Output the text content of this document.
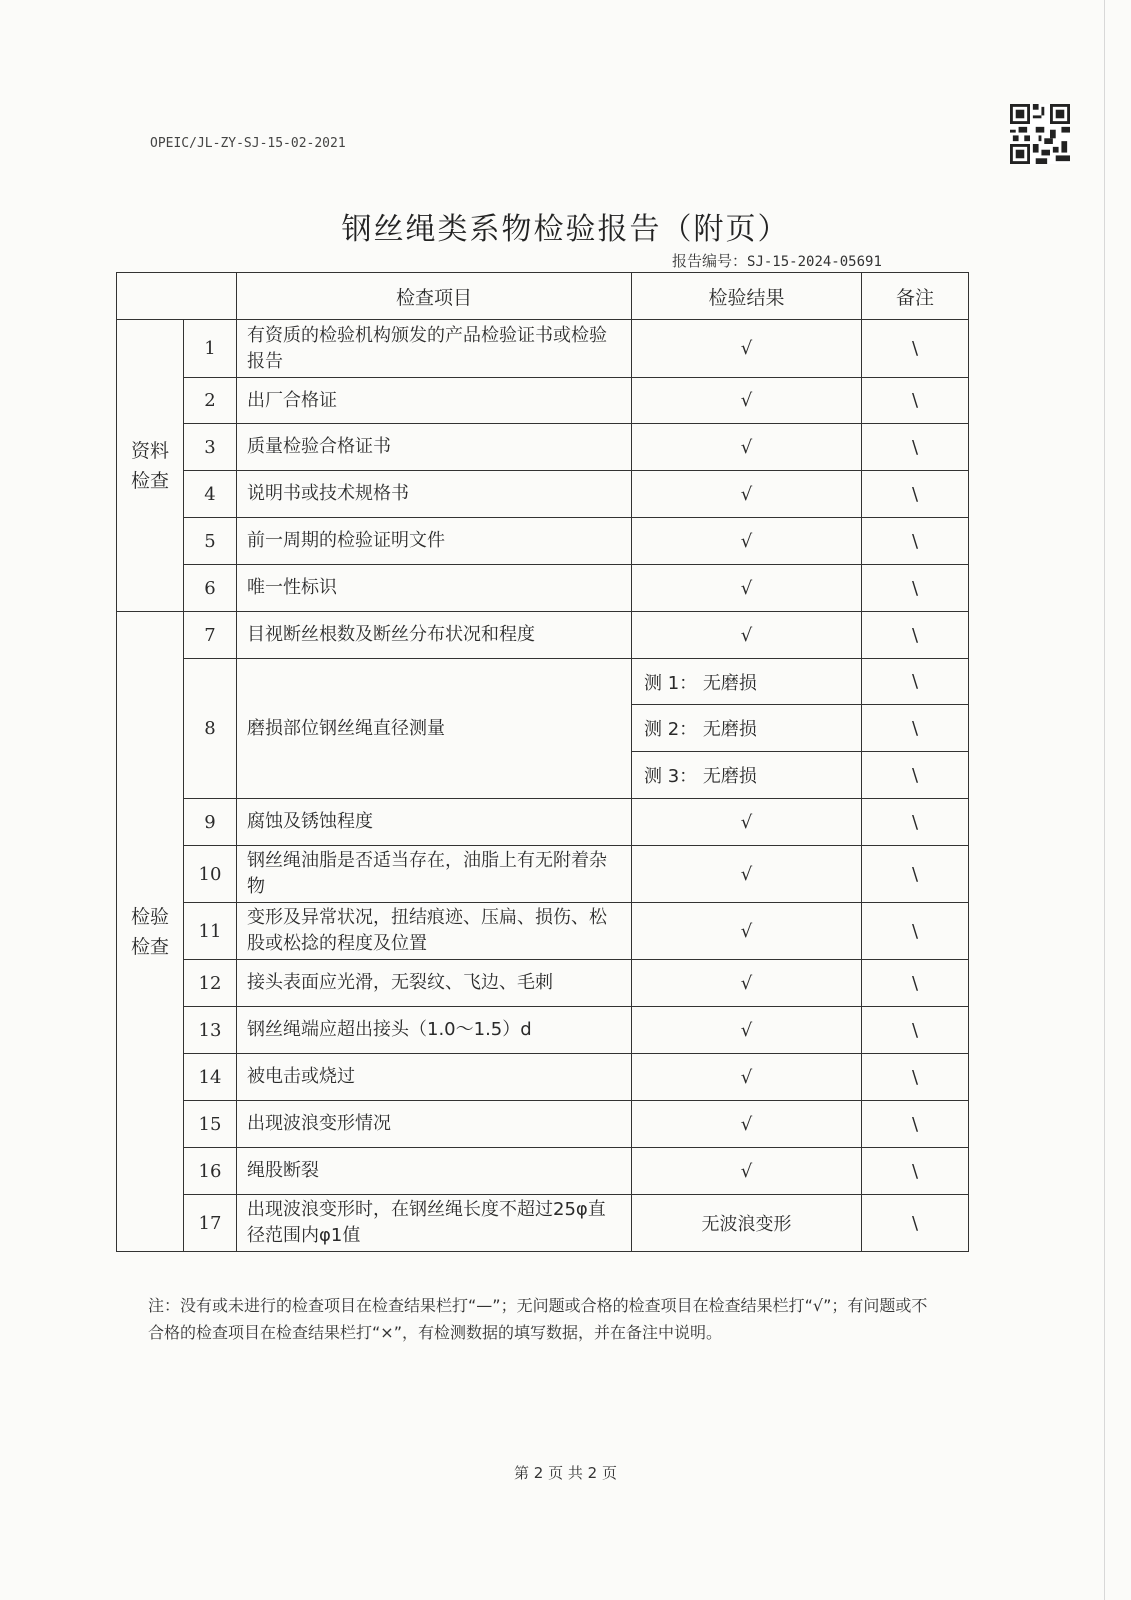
OPEIC/JL-ZY-SJ-15-02-2021
钢丝绳类系物检验报告（附页）
报告编号：SJ-15-2024-05691
		检查项目	检验结果	备注
资料检查	1	有资质的检验机构颁发的产品检验证书或检验报告	√	\
	2	出厂合格证	√	\
	3	质量检验合格证书	√	\
	4	说明书或技术规格书	√	\
	5	前一周期的检验证明文件	√	\
	6	唯一性标识	√	\
检验检查	7	目视断丝根数及断丝分布状况和程度	√	\
	8	磨损部位钢丝绳直径测量	测 1： 无磨损	\
			测 2： 无磨损	\
			测 3： 无磨损	\
	9	腐蚀及锈蚀程度	√	\
	10	钢丝绳油脂是否适当存在，油脂上有无附着杂物	√	\
	11	变形及异常状况，扭结痕迹、压扁、损伤、松股或松捻的程度及位置	√	\
	12	接头表面应光滑，无裂纹、飞边、毛刺	√	\
	13	钢丝绳端应超出接头（1.0～1.5）d	√	\
	14	被电击或烧过	√	\
	15	出现波浪变形情况	√	\
	16	绳股断裂	√	\
	17	出现波浪变形时，在钢丝绳长度不超过25φ直径范围内φ1值	无波浪变形	\
注：没有或未进行的检查项目在检查结果栏打“—”；无问题或合格的检查项目在检查结果栏打“√”；有问题或不合格的检查项目在检查结果栏打“×”，有检测数据的填写数据，并在备注中说明。
第 2 页 共 2 页
